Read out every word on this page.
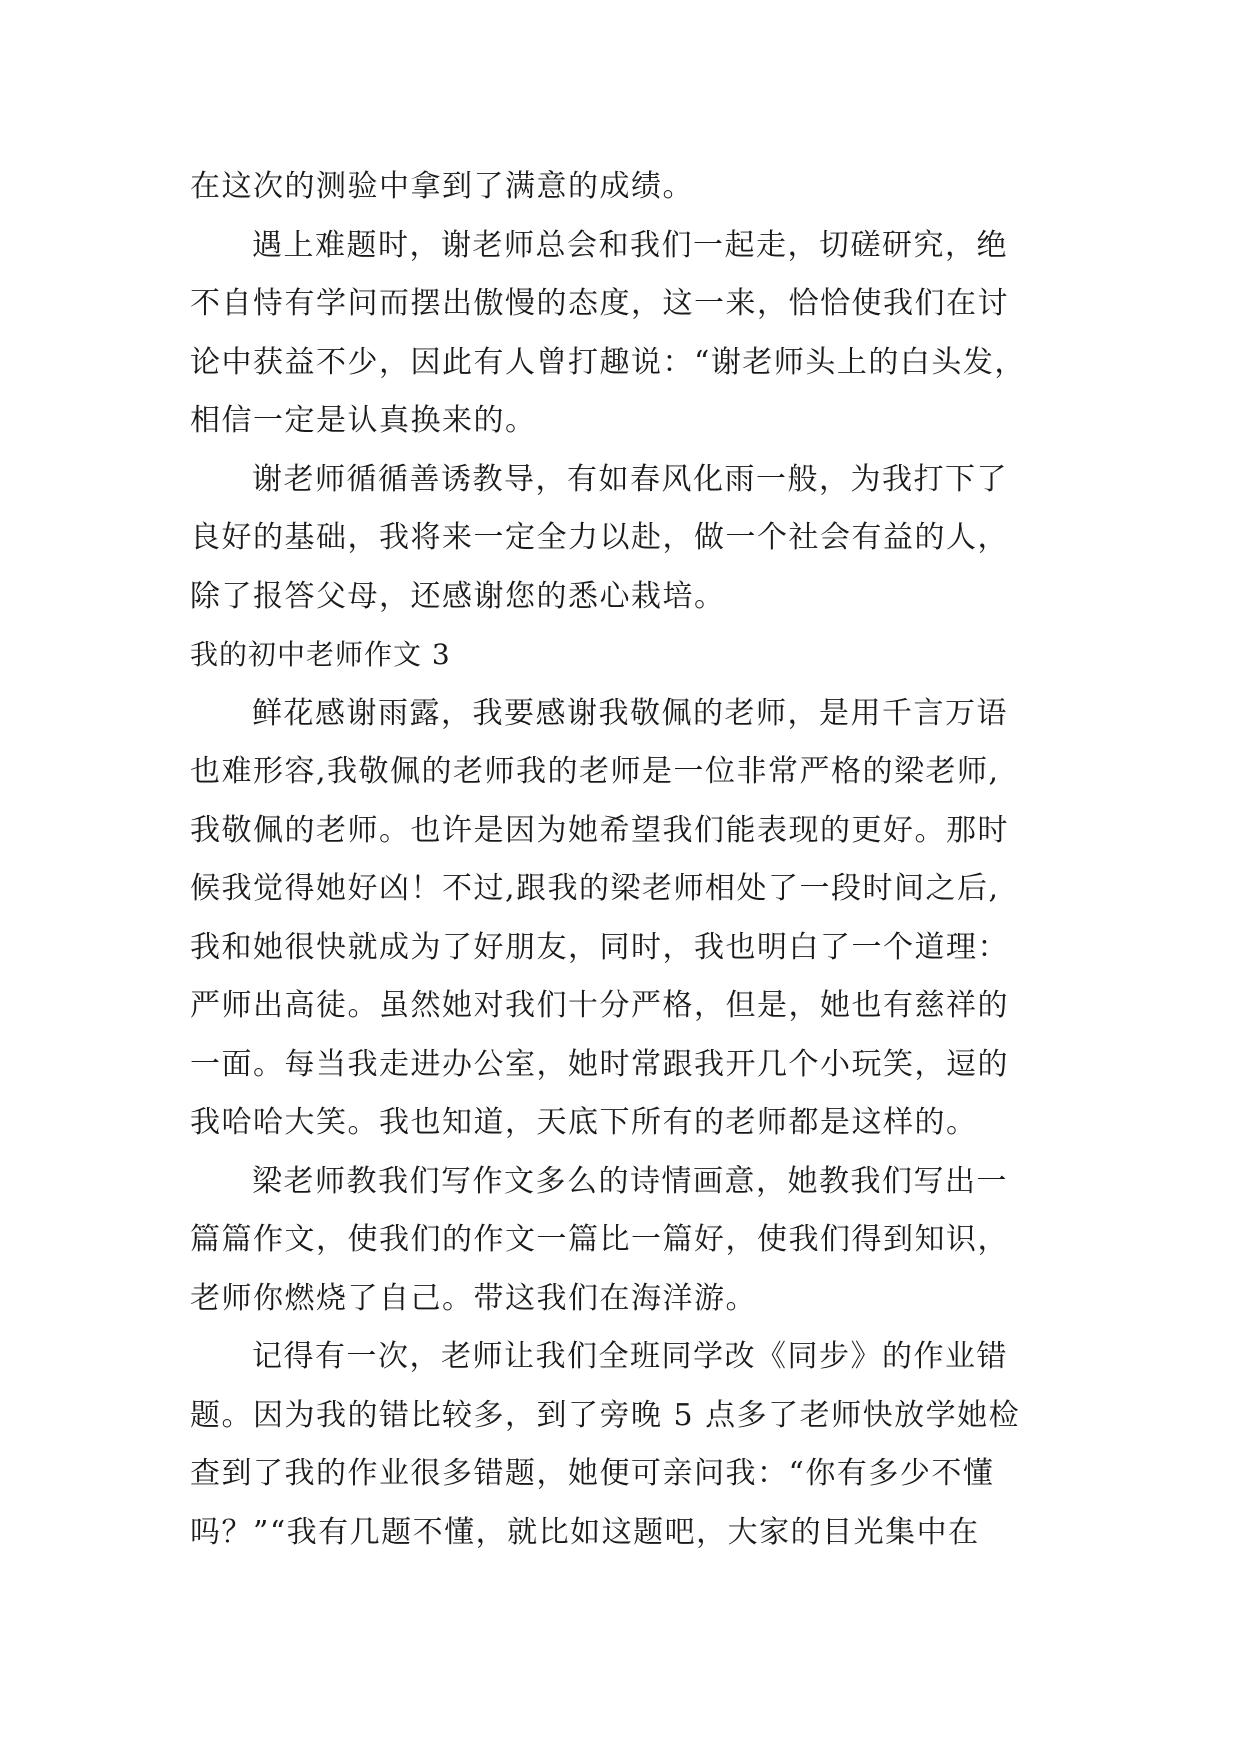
在这次的测验中拿到了满意的成绩。
遇上难题时，谢老师总会和我们一起走，切磋研究，绝
不自恃有学问而摆出傲慢的态度，这一来，恰恰使我们在讨
论中获益不少，因此有人曾打趣说：“谢老师头上的白头发，
相信一定是认真换来的。
谢老师循循善诱教导，有如春风化雨一般，为我打下了
良好的基础，我将来一定全力以赴，做一个社会有益的人，
除了报答父母，还感谢您的悉心栽培。
我的初中老师作文 3
鲜花感谢雨露，我要感谢我敬佩的老师，是用千言万语
也难形容,我敬佩的老师我的老师是一位非常严格的梁老师,
我敬佩的老师。也许是因为她希望我们能表现的更好。那时
候我觉得她好凶！不过,跟我的梁老师相处了一段时间之后,
我和她很快就成为了好朋友，同时，我也明白了一个道理：
严师出高徒。虽然她对我们十分严格，但是，她也有慈祥的
一面。每当我走进办公室，她时常跟我开几个小玩笑，逗的
我哈哈大笑。我也知道，天底下所有的老师都是这样的。
梁老师教我们写作文多么的诗情画意，她教我们写出一
篇篇作文，使我们的作文一篇比一篇好，使我们得到知识，
老师你燃烧了自己。带这我们在海洋游。
记得有一次，老师让我们全班同学改《同步》的作业错
题。因为我的错比较多，到了旁晚 5 点多了老师快放学她检
查到了我的作业很多错题，她便可亲问我：“你有多少不懂
吗？”“我有几题不懂，就比如这题吧，大家的目光集中在
